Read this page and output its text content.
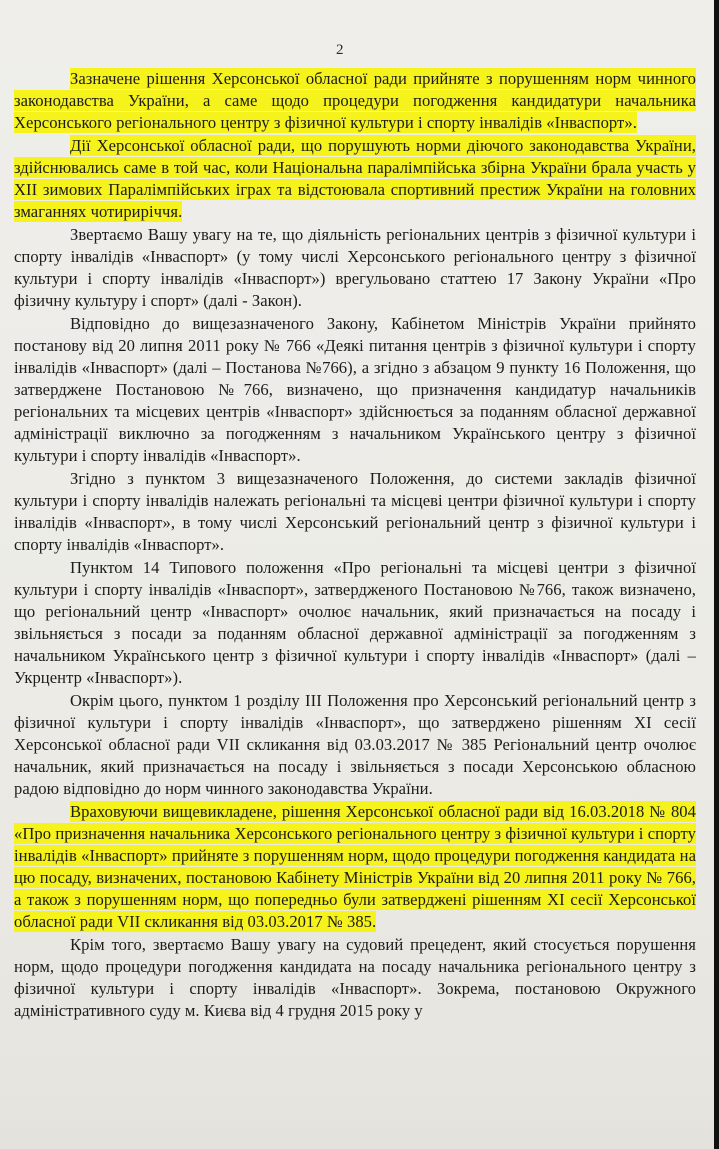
2

Зазначене рішення Херсонської обласної ради прийняте з порушенням норм чинного законодавства України, а саме щодо процедури погодження кандидатури начальника Херсонського регіонального центру з фізичної культури і спорту інвалідів «Інваспорт».

Дії Херсонської обласної ради, що порушують норми діючого законодавства України, здійснювались саме в той час, коли Національна паралімпійська збірна України брала участь у XII зимових Паралімпійських іграх та відстоювала спортивний престиж України на головних змаганнях чотириріччя.

Звертаємо Вашу увагу на те, що діяльність регіональних центрів з фізичної культури і спорту інвалідів «Інваспорт» (у тому числі Херсонського регіонального центру з фізичної культури і спорту інвалідів «Інваспорт») врегульовано статтею 17 Закону України «Про фізичну культуру і спорт» (далі - Закон).

Відповідно до вищезазначеного Закону, Кабінетом Міністрів України прийнято постанову від 20 липня 2011 року № 766 «Деякі питання центрів з фізичної культури і спорту інвалідів «Інваспорт» (далі – Постанова №766), а згідно з абзацом 9 пункту 16 Положення, що затверджене Постановою №766, визначено, що призначення кандидатур начальників регіональних та місцевих центрів «Інваспорт» здійснюється за поданням обласної державної адміністрації виключно за погодженням з начальником Українського центру з фізичної культури і спорту інвалідів «Інваспорт».

Згідно з пунктом 3 вищезазначеного Положення, до системи закладів фізичної культури і спорту інвалідів належать регіональні та місцеві центри фізичної культури і спорту інвалідів «Інваспорт», в тому числі Херсонський регіональний центр з фізичної культури і спорту інвалідів «Інваспорт».

Пунктом 14 Типового положення «Про регіональні та місцеві центри з фізичної культури і спорту інвалідів «Інваспорт», затвердженого Постановою №766, також визначено, що регіональний центр «Інваспорт» очолює начальник, який призначається на посаду і звільняється з посади за поданням обласної державної адміністрації за погодженням з начальником Українського центр з фізичної культури і спорту інвалідів «Інваспорт» (далі – Укрцентр «Інваспорт»).

Окрім цього, пунктом 1 розділу III Положення про Херсонський регіональний центр з фізичної культури і спорту інвалідів «Інваспорт», що затверджено рішенням XI сесії Херсонської обласної ради VII скликання від 03.03.2017 № 385 Регіональний центр очолює начальник, який призначається на посаду і звільняється з посади Херсонською обласною радою відповідно до норм чинного законодавства України.

Враховуючи вищевикладене, рішення Херсонської обласної ради від 16.03.2018 № 804 «Про призначення начальника Херсонського регіонального центру з фізичної культури і спорту інвалідів «Інваспорт» прийняте з порушенням норм, щодо процедури погодження кандидата на цю посаду, визначених, постановою Кабінету Міністрів України від 20 липня 2011 року № 766, а також з порушенням норм, що попередньо були затверджені рішенням XI сесії Херсонської обласної ради VII скликання від 03.03.2017 № 385.

Крім того, звертаємо Вашу увагу на судовий прецедент, який стосується порушення норм, щодо процедури погодження кандидата на посаду начальника регіонального центру з фізичної культури і спорту інвалідів «Інваспорт». Зокрема, постановою Окружного адміністративного суду м. Києва від 4 грудня 2015 року у
